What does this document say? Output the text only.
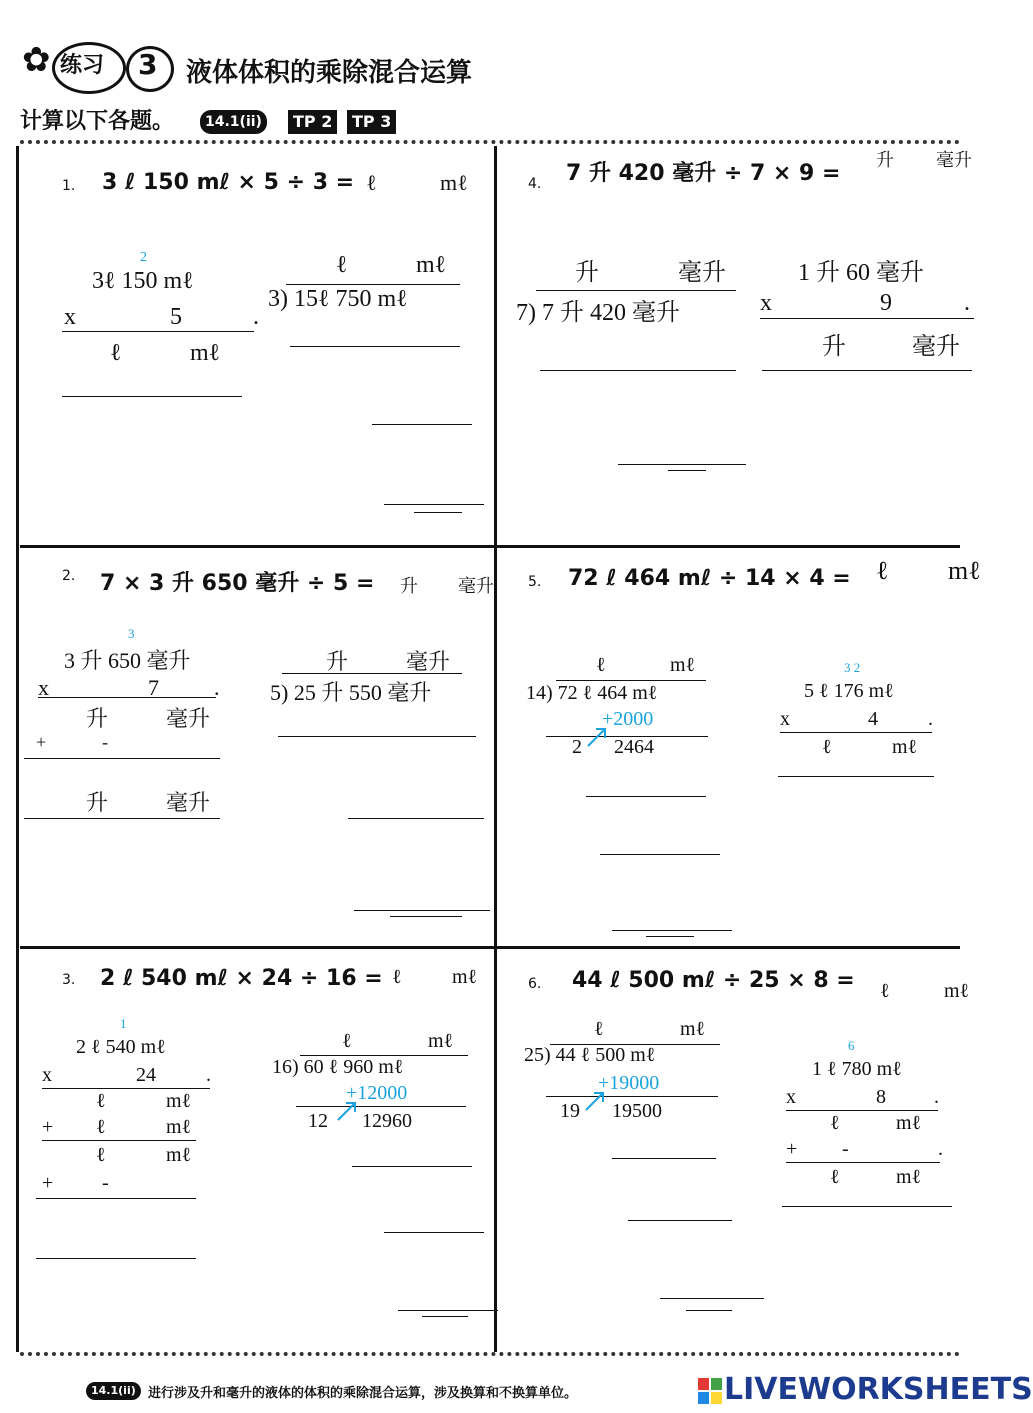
✿ 练习 3 液体体积的乘除混合运算
计算以下各题。	14.1(ii)	TP 2	TP 3
1. 3 ℓ 150 mℓ × 5 ÷ 3 = ℓ	mℓ
2
3ℓ 150 mℓ
x	5	.
ℓ	mℓ
ℓ	mℓ
3) 15ℓ 750 mℓ
4. 7 升 420 毫升 ÷ 7 × 9 =
升 毫升
升	毫升
7) 7 升 420 毫升
1 升 60 毫升
x	9	.
升	毫升
2. 7 × 3 升 650 毫升 ÷ 5 = 升 毫升
3
3 升 650 毫升
x	7	.
升	毫升
+	-
升	毫升
升	毫升
5) 25 升 550 毫升
5. 72 ℓ 464 mℓ ÷ 14 × 4 = ℓ mℓ
ℓ	mℓ
14) 72 ℓ 464 mℓ
+2000
2 2464
3 2
5 ℓ 176 mℓ
x	4	.
ℓ	mℓ
3. 2 ℓ 540 mℓ × 24 ÷ 16 = ℓ	mℓ
1
2 ℓ 540 mℓ
x	24	.
ℓ	mℓ
+ ℓ	mℓ
ℓ	mℓ
+ -
ℓ	mℓ
16) 60 ℓ 960 mℓ
+12000
12 12960
6. 44 ℓ 500 mℓ ÷ 25 × 8 = ℓ	mℓ
ℓ	mℓ
25) 44 ℓ 500 mℓ
+19000
19 19500
6
1 ℓ 780 mℓ
x	8 .
ℓ	mℓ
+ -	.
ℓ	mℓ
14.1(ii) 进行涉及升和毫升的液体的体积的乘除混合运算，涉及换算和不换算单位。	LIVEWORKSHEETS
